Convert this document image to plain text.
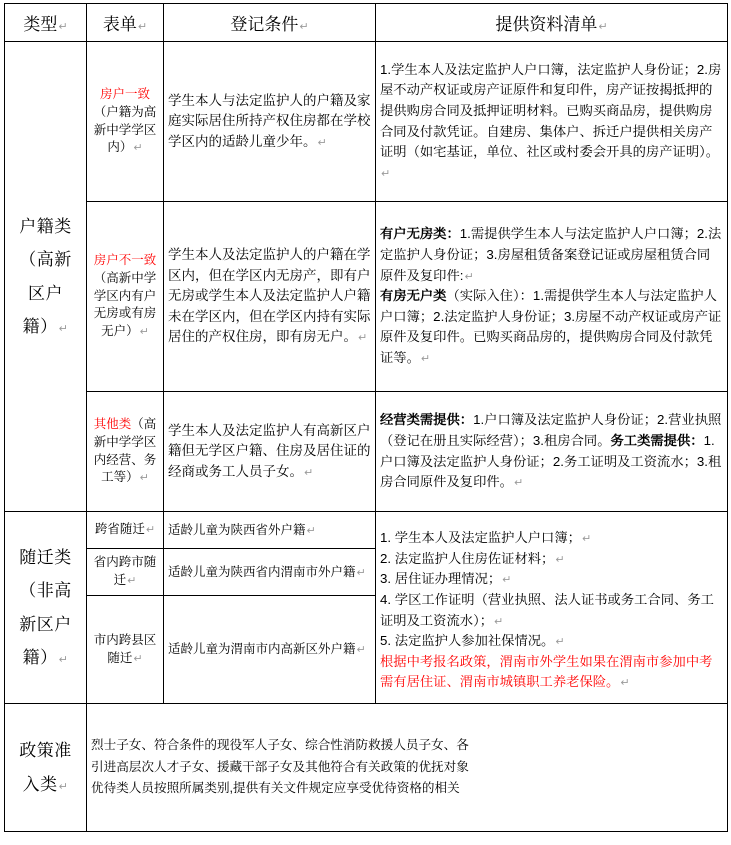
类型↵	表单↵	登记条件↵	提供资料清单↵

户籍类
（高新
区户
籍）↵	房户一致（户籍为高新中学学区内）↵	学生本人与法定监护人的户籍及家庭实际居住所持产权住房都在学校学区内的适龄儿童少年。↵	1.学生本人及法定监护人户口簿，法定监护人身份证；2.房屋不动产权证或房产证原件和复印件，房产证按揭抵押的提供购房合同及抵押证明材料。已购买商品房，提供购房合同及付款凭证。自建房、集体户、拆迁户提供相关房产证明（如宅基证，单位、社区或村委会开具的房产证明）。↵
	房户不一致（高新中学学区内有户无房或有房无户）↵	学生本人及法定监护人的户籍在学区内，但在学区内无房产，即有户无房或学生本人及法定监护人户籍未在学区内，但在学区内持有实际居住的产权住房，即有房无户。↵	有户无房类：1.需提供学生本人与法定监护人户口簿；2.法定监护人身份证；3.房屋租赁备案登记证或房屋租赁合同原件及复印件:↵
有房无户类（实际入住）：1.需提供学生本人与法定监护人户口簿；2.法定监护人身份证；3.房屋不动产权证或房产证原件及复印件。已购买商品房的，提供购房合同及付款凭证等。↵

	其他类（高新中学学区内经营、务工等）↵	学生本人及法定监护人有高新区户籍但无学区户籍、住房及居住证的经商或务工人员子女。↵	经营类需提供：1.户口簿及法定监护人身份证；2.营业执照（登记在册且实际经营）；3.租房合同。务工类需提供：1.户口簿及法定监护人身份证；2.务工证明及工资流水；3.租房合同原件及复印件。↵

随迁类
（非高
新区户
籍）↵
	跨省随迁↵	适龄儿童为陕西省外户籍↵	1. 学生本人及法定监护人户口簿；↵
2. 法定监护人住房佐证材料；↵
3. 居住证办理情况；↵
4. 学区工作证明（营业执照、法人证书或务工合同、务工证明及工资流水）；↵
5. 法定监护人参加社保情况。↵
根据中考报名政策，渭南市外学生如果在渭南市参加中考需有居住证、渭南市城镇职工养老保险。↵

	省内跨市随迁↵	适龄儿童为陕西省内渭南市外户籍↵	
	市内跨县区随迁↵	适龄儿童为渭南市内高新区外户籍↵	

政策准
入类↵

烈士子女、符合条件的现役军人子女、综合性消防救援人员子女、各
引进高层次人才子女、援藏干部子女及其他符合有关政策的优抚对象
优待类人员按照所属类别,提供有关文件规定应享受优待资格的相关
